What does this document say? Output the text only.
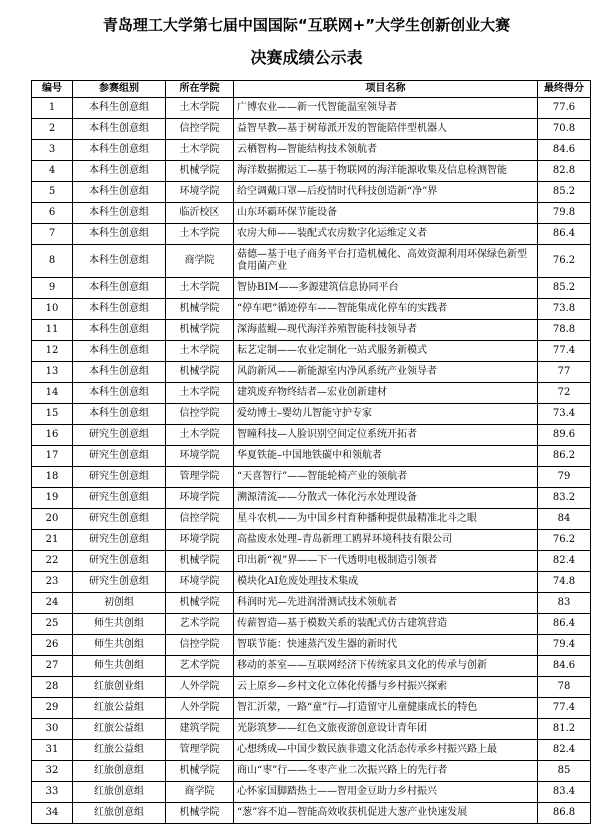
青岛理工大学第七届中国国际“互联网+”大学生创新创业大赛
决赛成绩公示表
编号	参赛组别	所在学院	项目名称	最终得分
1	本科生创意组	土木学院	广博农业——新一代智能温室领导者	77.6
2	本科生创意组	信控学院	益智早教—基于树莓派开发的智能陪伴型机器人	70.8
3	本科生创意组	土木学院	云栖智构—智能结构技术领航者	84.6
4	本科生创意组	机械学院	海洋数据搬运工—基于物联网的海洋能源收集及信息检测智能	82.8
5	本科生创意组	环境学院	给空调戴口罩—后疫情时代科技创造新“净”界	85.2
6	本科生创意组	临沂校区	山东环霸环保节能设备	79.8
7	本科生创意组	土木学院	农房大师——装配式农房数字化运维定义者	86.4
8	本科生创意组	商学院	菇德—基于电子商务平台打造机械化、高效资源利用环保绿色新型食用菌产业	76.2
9	本科生创意组	土木学院	智协BIM——多源建筑信息协同平台	85.2
10	本科生创意组	机械学院	“停车吧”循迹停车——智能集成化停车的实践者	73.8
11	本科生创意组	机械学院	深海蓝鲲—现代海洋养殖智能科技领导者	78.8
12	本科生创意组	土木学院	耘艺定制——农业定制化一站式服务新模式	77.4
13	本科生创意组	机械学院	风韵新风——新能源室内净风系统产业领导者	77
14	本科生创意组	土木学院	建筑废弃物终结者—宏业创新建材	72
15	本科生创意组	信控学院	爱幼博士–婴幼儿智能守护专家	73.4
16	研究生创意组	土木学院	智瞳科技—人脸识别空间定位系统开拓者	89.6
17	研究生创意组	环境学院	华夏铁能–中国地铁碳中和领航者	86.2
18	研究生创意组	管理学院	“天喜智行”——智能轮椅产业的领航者	79
19	研究生创意组	环境学院	溯源清流——分散式一体化污水处理设备	83.2
20	研究生创意组	信控学院	星斗农机——为中国乡村育种播种提供最精准北斗之眼	84
21	研究生创意组	环境学院	高盐废水处理–青岛新理工鸥昇环境科技有限公司	76.2
22	研究生创意组	机械学院	印出新“视”界——下一代透明电极制造引领者	82.4
23	研究生创意组	环境学院	模块化AI危废处理技术集成	74.8
24	初创组	机械学院	科润时光—先进润滑测试技术领航者	83
25	师生共创组	艺术学院	传薪智造—基于模数关系的装配式仿古建筑营造	86.4
26	师生共创组	信控学院	智联节能：快速蒸汽发生器的新时代	79.4
27	师生共创组	艺术学院	移动的茶室——互联网经济下传统家具文化的传承与创新	84.6
28	红旅创业组	人外学院	云上原乡—乡村文化立体化传播与乡村振兴探索	78
29	红旅公益组	人外学院	智汇沂蒙，一路“童”行—打造留守儿童健康成长的特色	77.4
30	红旅公益组	建筑学院	光影筑梦——红色文旅夜游创意设计青年团	81.2
31	红旅公益组	管理学院	心想绣成—中国少数民族非遗文化活态传承乡村振兴路上最	82.4
32	红旅创意组	机械学院	商山“枣”行——冬枣产业二次振兴路上的先行者	85
33	红旅创意组	商学院	心怀家国脚踏热土——智用金豆助力乡村振兴	83.4
34	红旅创意组	机械学院	“葱”容不迫—智能高效收获机促进大葱产业快速发展	86.8
